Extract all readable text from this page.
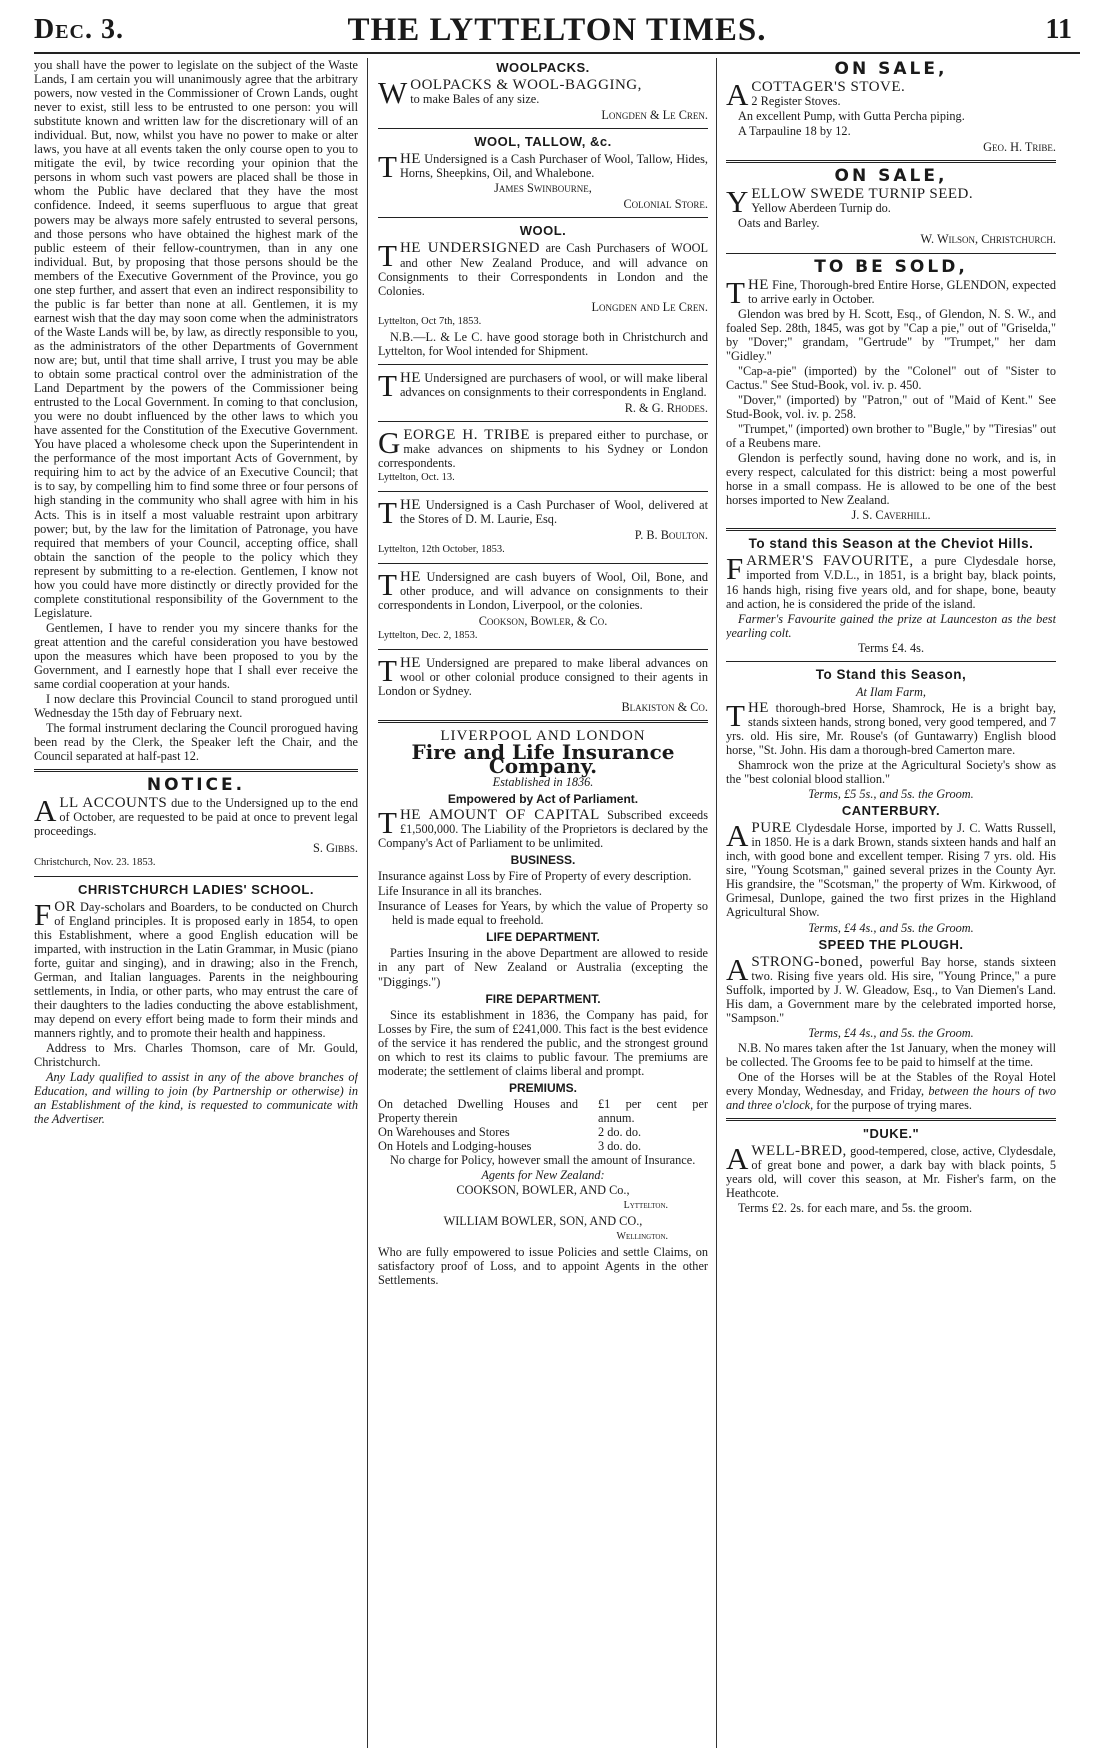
Dec. 3.	THE LYTTELTON TIMES.	11

you shall have the power to legislate on the subject of the Waste Lands, I am certain you will unanimously agree that the arbitrary powers, now vested in the Commissioner of Crown Lands, ought never to exist, still less to be entrusted to one person: you will substitute known and written law for the discretionary will of an individual. But, now, whilst you have no power to make or alter laws, you have at all events taken the only course open to you to mitigate the evil, by twice recording your opinion that the persons in whom such vast powers are placed shall be those in whom the Public have declared that they have the most confidence. Indeed, it seems superfluous to argue that great powers may be always more safely entrusted to several persons, and those persons who have obtained the highest mark of the public esteem of their fellow-countrymen, than in any one individual. But, by proposing that those persons should be the members of the Executive Government of the Province, you go one step further, and assert that even an indirect responsibility to the public is far better than none at all. Gentlemen, it is my earnest wish that the day may soon come when the administrators of the Waste Lands will be, by law, as directly responsible to you, as the administrators of the other Departments of Government now are; but, until that time shall arrive, I trust you may be able to obtain some practical control over the administration of the Land Department by the powers of the Commissioner being entrusted to the Local Government. In coming to that conclusion, you were no doubt influenced by the other laws to which you have assented for the Constitution of the Executive Government. You have placed a wholesome check upon the Superintendent in the performance of the most important Acts of Government, by requiring him to act by the advice of an Executive Council; that is to say, by compelling him to find some three or four persons of high standing in the community who shall agree with him in his Acts. This is in itself a most valuable restraint upon arbitrary power; but, by the law for the limitation of Patronage, you have required that members of your Council, accepting office, shall obtain the sanction of the people to the policy which they represent by submitting to a re-election. Gentlemen, I know not how you could have more distinctly or directly provided for the complete constitutional responsibility of the Government to the Legislature.

Gentlemen, I have to render you my sincere thanks for the great attention and the careful consideration you have bestowed upon the measures which have been proposed to you by the Government, and I earnestly hope that I shall ever receive the same cordial cooperation at your hands.

I now declare this Provincial Council to stand prorogued until Wednesday the 15th day of February next.

The formal instrument declaring the Council prorogued having been read by the Clerk, the Speaker left the Chair, and the Council separated at half-past 12.

NOTICE.

ALL ACCOUNTS due to the Undersigned up to the end of October, are requested to be paid at once to prevent legal proceedings.

S. Gibbs.

Christchurch, Nov. 23. 1853.

CHRISTCHURCH LADIES' SCHOOL.

FOR Day-scholars and Boarders, to be conducted on Church of England principles. It is proposed early in 1854, to open this Establishment, where a good English education will be imparted, with instruction in the Latin Grammar, in Music (piano forte, guitar and singing), and in drawing; also in the French, German, and Italian languages. Parents in the neighbouring settlements, in India, or other parts, who may entrust the care of their daughters to the ladies conducting the above establishment, may depend on every effort being made to form their minds and manners rightly, and to promote their health and happiness.

Address to Mrs. Charles Thomson, care of Mr. Gould, Christchurch.

Any Lady qualified to assist in any of the above branches of Education, and willing to join (by Partnership or otherwise) in an Establishment of the kind, is requested to communicate with the Advertiser.

WOOLPACKS.

WOOLPACKS & WOOL-BAGGING,
to make Bales of any size.

Longden & Le Cren.

WOOL, TALLOW, &c.

THE Undersigned is a Cash Purchaser of Wool, Tallow, Hides, Horns, Sheepkins, Oil, and Whalebone.

James Swinbourne,

Colonial Store.

WOOL.

THE UNDERSIGNED are Cash Purchasers of WOOL and other New Zealand Produce, and will advance on Consignments to their Correspondents in London and the Colonies.

Longden and Le Cren.

Lyttelton, Oct 7th, 1853.

N.B.—L. & Le C. have good storage both in Christchurch and Lyttelton, for Wool intended for Shipment.

THE Undersigned are purchasers of wool, or will make liberal advances on consignments to their correspondents in England.

R. & G. Rhodes.

GEORGE H. TRIBE is prepared either to purchase, or make advances on shipments to his Sydney or London correspondents.

Lyttelton, Oct. 13.

THE Undersigned is a Cash Purchaser of Wool, delivered at the Stores of D. M. Laurie, Esq.

P. B. Boulton.

Lyttelton, 12th October, 1853.

THE Undersigned are cash buyers of Wool, Oil, Bone, and other produce, and will advance on consignments to their correspondents in London, Liverpool, or the colonies.

Cookson, Bowler, & Co.

Lyttelton, Dec. 2, 1853.

THE Undersigned are prepared to make liberal advances on wool or other colonial produce consigned to their agents in London or Sydney.

Blakiston & Co.

LIVERPOOL AND LONDON

Fire and Life Insurance Company.

Established in 1836.

Empowered by Act of Parliament.

THE AMOUNT OF CAPITAL Subscribed exceeds £1,500,000. The Liability of the Proprietors is declared by the Company's Act of Parliament to be unlimited.

BUSINESS.

Insurance against Loss by Fire of Property of every description.

Life Insurance in all its branches.

Insurance of Leases for Years, by which the value of Property so held is made equal to freehold.

LIFE DEPARTMENT.

Parties Insuring in the above Department are allowed to reside in any part of New Zealand or Australia (excepting the "Diggings.")

FIRE DEPARTMENT.

Since its establishment in 1836, the Company has paid, for Losses by Fire, the sum of £241,000. This fact is the best evidence of the service it has rendered the public, and the strongest ground on which to rest its claims to public favour. The premiums are moderate; the settlement of claims liberal and prompt.

PREMIUMS.
On detached Dwelling Houses and Property therein
£1 per cent per annum.
On Warehouses and Stores	2 do. do.
On Hotels and Lodging-houses	3 do. do.

No charge for Policy, however small the amount of Insurance.

Agents for New Zealand:

COOKSON, BOWLER, AND Co.,

Lyttelton.

WILLIAM BOWLER, SON, AND CO.,

Wellington.

Who are fully empowered to issue Policies and settle Claims, on satisfactory proof of Loss, and to appoint Agents in the other Settlements.

ON SALE,

A COTTAGER'S STOVE.
2 Register Stoves.

An excellent Pump, with Gutta Percha piping.

A Tarpauline 18 by 12.

Geo. H. Tribe.

ON SALE,

YELLOW SWEDE TURNIP SEED.
Yellow Aberdeen Turnip do.

Oats and Barley.

W. Wilson, Christchurch.

TO BE SOLD,

THE Fine, Thorough-bred Entire Horse, GLENDON, expected to arrive early in October.

Glendon was bred by H. Scott, Esq., of Glendon, N. S. W., and foaled Sep. 28th, 1845, was got by "Cap a pie," out of "Griselda," by "Dover;" grandam, "Gertrude" by "Trumpet," her dam "Gidley."

"Cap-a-pie" (imported) by the "Colonel" out of "Sister to Cactus." See Stud-Book, vol. iv. p. 450.

"Dover," (imported) by "Patron," out of "Maid of Kent." See Stud-Book, vol. iv. p. 258.

"Trumpet," (imported) own brother to "Bugle," by "Tiresias" out of a Reubens mare.

Glendon is perfectly sound, having done no work, and is, in every respect, calculated for this district: being a most powerful horse in a small compass. He is allowed to be one of the best horses imported to New Zealand.

J. S. Caverhill.

To stand this Season at the Cheviot Hills.

FARMER'S FAVOURITE, a pure Clydesdale horse, imported from V.D.L., in 1851, is a bright bay, black points, 16 hands high, rising five years old, and for shape, bone, beauty and action, he is considered the pride of the island.

Farmer's Favourite gained the prize at Launceston as the best yearling colt.

Terms £4. 4s.

To Stand this Season,

At Ilam Farm,

THE thorough-bred Horse, Shamrock, He is a bright bay, stands sixteen hands, strong boned, very good tempered, and 7 yrs. old. His sire, Mr. Rouse's (of Guntawarry) English blood horse, "St. John. His dam a thorough-bred Camerton mare.

Shamrock won the prize at the Agricultural Society's show as the "best colonial blood stallion."

Terms, £5 5s., and 5s. the Groom.

CANTERBURY.

A PURE Clydesdale Horse, imported by J. C. Watts Russell, in 1850. He is a dark Brown, stands sixteen hands and half an inch, with good bone and excellent temper. Rising 7 yrs. old. His sire, "Young Scotsman," gained several prizes in the County Ayr. His grandsire, the "Scotsman," the property of Wm. Kirkwood, of Grimesal, Dunlope, gained the two first prizes in the Highland Agricultural Show.

Terms, £4 4s., and 5s. the Groom.

SPEED THE PLOUGH.

A STRONG-boned, powerful Bay horse, stands sixteen two. Rising five years old. His sire, "Young Prince," a pure Suffolk, imported by J. W. Gleadow, Esq., to Van Diemen's Land. His dam, a Government mare by the celebrated imported horse, "Sampson."

Terms, £4 4s., and 5s. the Groom.

N.B. No mares taken after the 1st January, when the money will be collected. The Grooms fee to be paid to himself at the time.

One of the Horses will be at the Stables of the Royal Hotel every Monday, Wednesday, and Friday, between the hours of two and three o'clock, for the purpose of trying mares.

"DUKE."

A WELL-BRED, good-tempered, close, active, Clydesdale, of great bone and power, a dark bay with black points, 5 years old, will cover this season, at Mr. Fisher's farm, on the Heathcote.

Terms £2. 2s. for each mare, and 5s. the groom.
